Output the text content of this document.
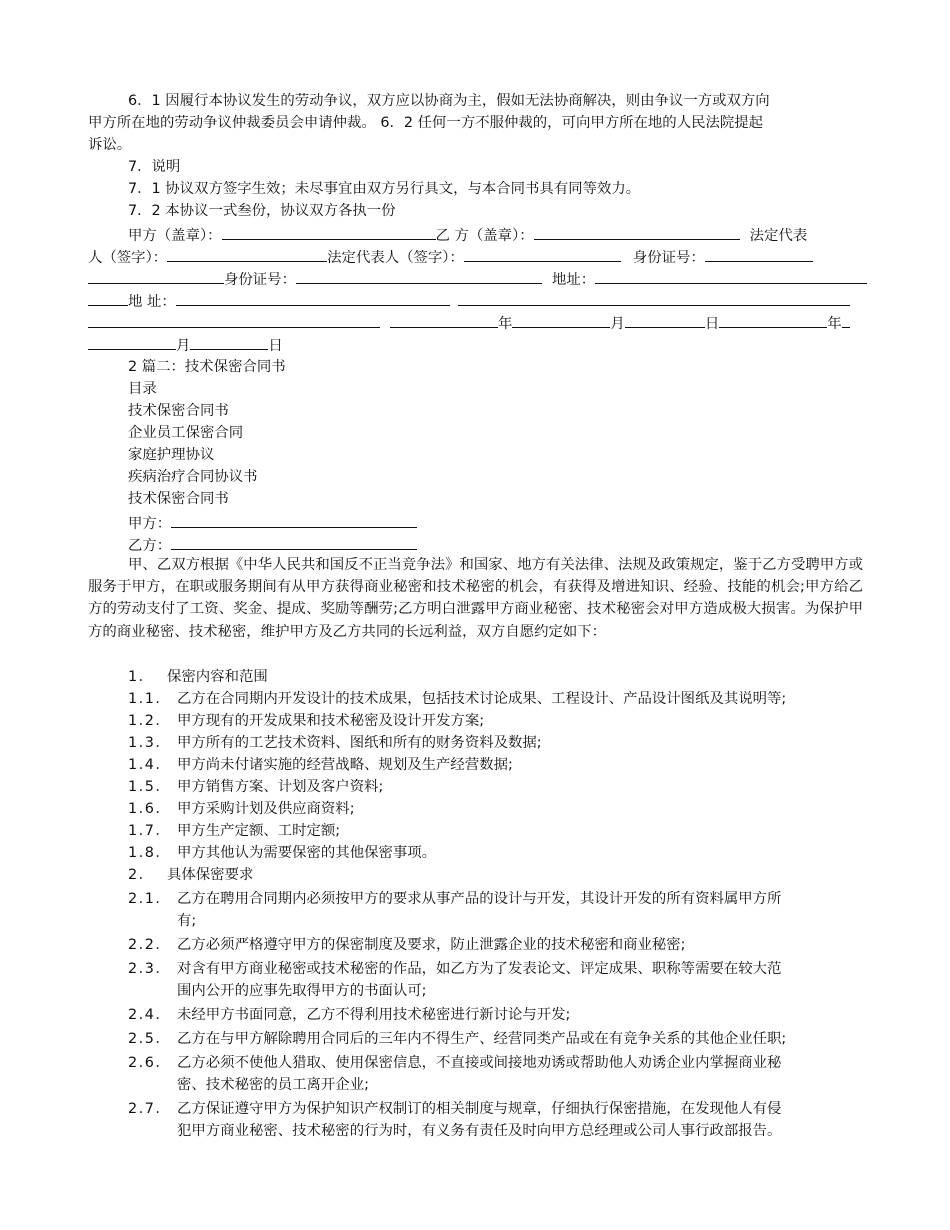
6．1 因履行本协议发生的劳动争议，双方应以协商为主，假如无法协商解决，则由争议一方或双方向
甲方所在地的劳动争议仲裁委员会申请仲裁。 6．2 任何一方不服仲裁的，可向甲方所在地的人民法院提起
诉讼。
7．说明
7．1 协议双方签字生效；未尽事宜由双方另行具文，与本合同书具有同等效力。
7．2 本协议一式叁份，协议双方各执一份
甲方（盖章）：	乙 方（盖章）：	法定代表
人（签字）：	法定代表人（签字）：	身份证号：
身份证号：	地址：
地 址：
年	月	日	年
月	日
2 篇二：技术保密合同书
目录
技术保密合同书
企业员工保密合同
家庭护理协议
疾病治疗合同协议书
技术保密合同书
甲方：
乙方：
甲、乙双方根据《中华人民共和国反不正当竞争法》和国家、地方有关法律、法规及政策规定，鉴于乙方受聘甲方或服务于甲方，在职或服务期间有从甲方获得商业秘密和技术秘密的机会，有获得及增进知识、经验、技能的机会;甲方给乙方的劳动支付了工资、奖金、提成、奖励等酬劳;乙方明白泄露甲方商业秘密、技术秘密会对甲方造成极大损害。为保护甲方的商业秘密、技术秘密，维护甲方及乙方共同的长远利益，双方自愿约定如下：
1． 保密内容和范围
1.1． 乙方在合同期内开发设计的技术成果，包括技术讨论成果、工程设计、产品设计图纸及其说明等;
1.2． 甲方现有的开发成果和技术秘密及设计开发方案;
1.3． 甲方所有的工艺技术资料、图纸和所有的财务资料及数据;
1.4． 甲方尚未付诸实施的经营战略、规划及生产经营数据;
1.5． 甲方销售方案、计划及客户资料;
1.6． 甲方采购计划及供应商资料;
1.7． 甲方生产定额、工时定额;
1.8． 甲方其他认为需要保密的其他保密事项。
2． 具体保密要求
2.1． 乙方在聘用合同期内必须按甲方的要求从事产品的设计与开发，其设计开发的所有资料属甲方所
有;
2.2． 乙方必须严格遵守甲方的保密制度及要求，防止泄露企业的技术秘密和商业秘密;
2.3． 对含有甲方商业秘密或技术秘密的作品，如乙方为了发表论文、评定成果、职称等需要在较大范
围内公开的应事先取得甲方的书面认可;
2.4． 未经甲方书面同意，乙方不得利用技术秘密进行新讨论与开发;
2.5． 乙方在与甲方解除聘用合同后的三年内不得生产、经营同类产品或在有竞争关系的其他企业任职;
2.6． 乙方必须不使他人猎取、使用保密信息，不直接或间接地劝诱或帮助他人劝诱企业内掌握商业秘
密、技术秘密的员工离开企业;
2.7． 乙方保证遵守甲方为保护知识产权制订的相关制度与规章，仔细执行保密措施，在发现他人有侵
犯甲方商业秘密、技术秘密的行为时，有义务有责任及时向甲方总经理或公司人事行政部报告。
